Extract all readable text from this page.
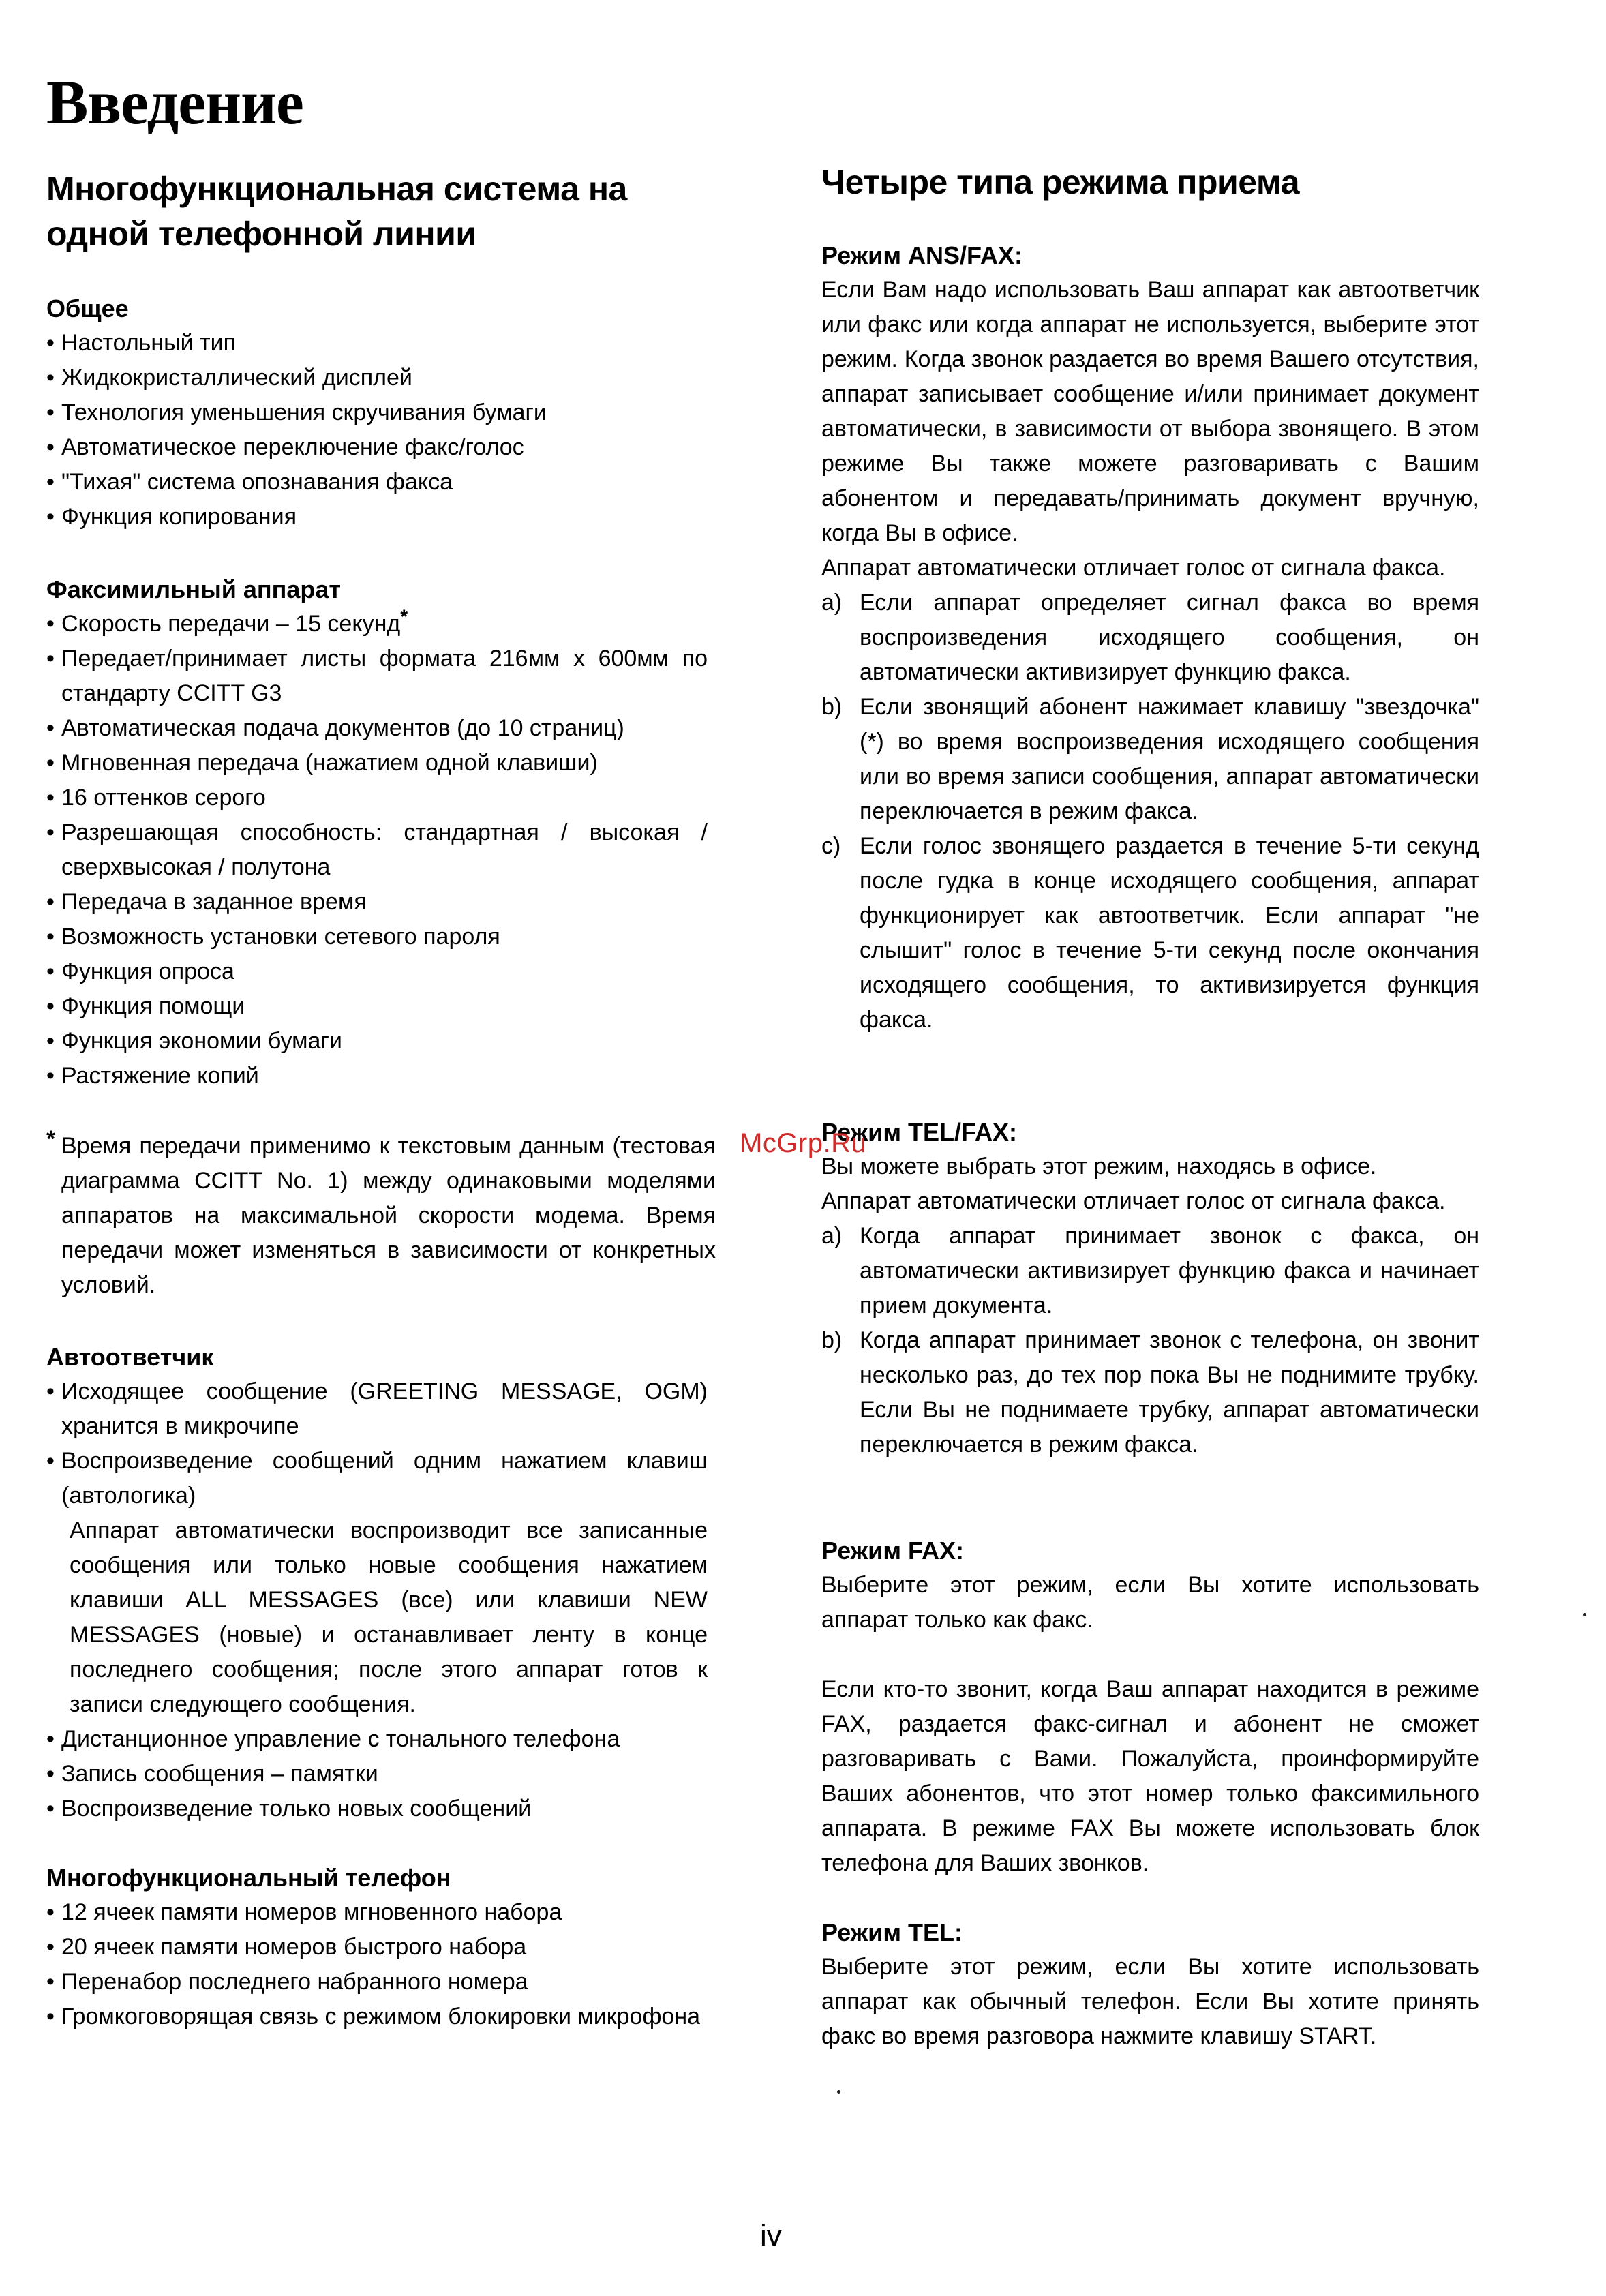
Введение
Многофункциональная система на одной телефонной линии
Общее
• Настольный тип
• Жидкокристаллический дисплей
• Технология уменьшения скручивания бумаги
• Автоматическое переключение факс/голос
• "Тихая" система опознавания факса
• Функция копирования
Факсимильный аппарат
• Скорость передачи – 15 секунд*
• Передает/принимает листы формата 216мм x 600мм по стандарту CCITT G3
• Автоматическая подача документов (до 10 страниц)
• Мгновенная передача (нажатием одной клавиши)
• 16 оттенков серого
• Разрешающая способность: стандартная / высокая / сверхвысокая / полутона
• Передача в заданное время
• Возможность установки сетевого пароля
• Функция опроса
• Функция помощи
• Функция экономии бумаги
• Растяжение копий
* Время передачи применимо к текстовым данным (тестовая диаграмма CCITT No. 1) между одинаковыми моделями аппаратов на максимальной скорости модема. Время передачи может изменяться в зависимости от конкретных условий.
Автоответчик
• Исходящее сообщение (GREETING MESSAGE, OGM) хранится в микрочипе
• Воспроизведение сообщений одним нажатием клавиш (автологика)
Аппарат автоматически воспроизводит все записанные сообщения или только новые сообщения нажатием клавиши ALL MESSAGES (все) или клавиши NEW MESSAGES (новые) и останавливает ленту в конце последнего сообщения; после этого аппарат готов к записи следующего сообщения.
• Дистанционное управление с тонального телефона
• Запись сообщения – памятки
• Воспроизведение только новых сообщений
Многофункциональный телефон
• 12 ячеек памяти номеров мгновенного набора
• 20 ячеек памяти номеров быстрого набора
• Перенабор последнего набранного номера
• Громкоговорящая связь с режимом блокировки микрофона
Четыре типа режима приема
Режим ANS/FAX:

Если Вам надо использовать Ваш аппарат как автоответчик или факс или когда аппарат не используется, выберите этот режим. Когда звонок раздается во время Вашего отсутствия, аппарат записывает сообщение и/или принимает документ автоматически, в зависимости от выбора звонящего. В этом режиме Вы также можете разговаривать с Вашим абонентом и передавать/принимать документ вручную, когда Вы в офисе.

Аппарат автоматически отличает голос от сигнала факса.

a) Если аппарат определяет сигнал факса во время воспроизведения исходящего сообщения, он автоматически активизирует функцию факса.
b) Если звонящий абонент нажимает клавишу "звездочка" (*) во время воспроизведения исходящего сообщения или во время записи сообщения, аппарат автоматически переключается в режим факса.
c) Если голос звонящего раздается в течение 5-ти секунд после гудка в конце исходящего сообщения, аппарат функционирует как автоответчик. Если аппарат "не слышит" голос в течение 5-ти секунд после окончания исходящего сообщения, то активизируется функция факса.
Режим TEL/FAX:

Вы можете выбрать этот режим, находясь в офисе.

Аппарат автоматически отличает голос от сигнала факса.

a) Когда аппарат принимает звонок с факса, он автоматически активизирует функцию факса и начинает прием документа.
b) Когда аппарат принимает звонок с телефона, он звонит несколько раз, до тех пор пока Вы не поднимите трубку. Если Вы не поднимаете трубку, аппарат автоматически переключается в режим факса.
Режим FAX:

Выберите этот режим, если Вы хотите использовать аппарат только как факс.

Если кто-то звонит, когда Ваш аппарат находится в режиме FAX, раздается факс-сигнал и абонент не сможет разговаривать с Вами. Пожалуйста, проинформируйте Ваших абонентов, что этот номер только факсимильного аппарата. В режиме FAX Вы можете использовать блок телефона для Ваших звонков.

Режим TEL:

Выберите этот режим, если Вы хотите использовать аппарат как обычный телефон. Если Вы хотите принять факс во время разговора нажмите клавишу START.

McGrp.Ru
iv
